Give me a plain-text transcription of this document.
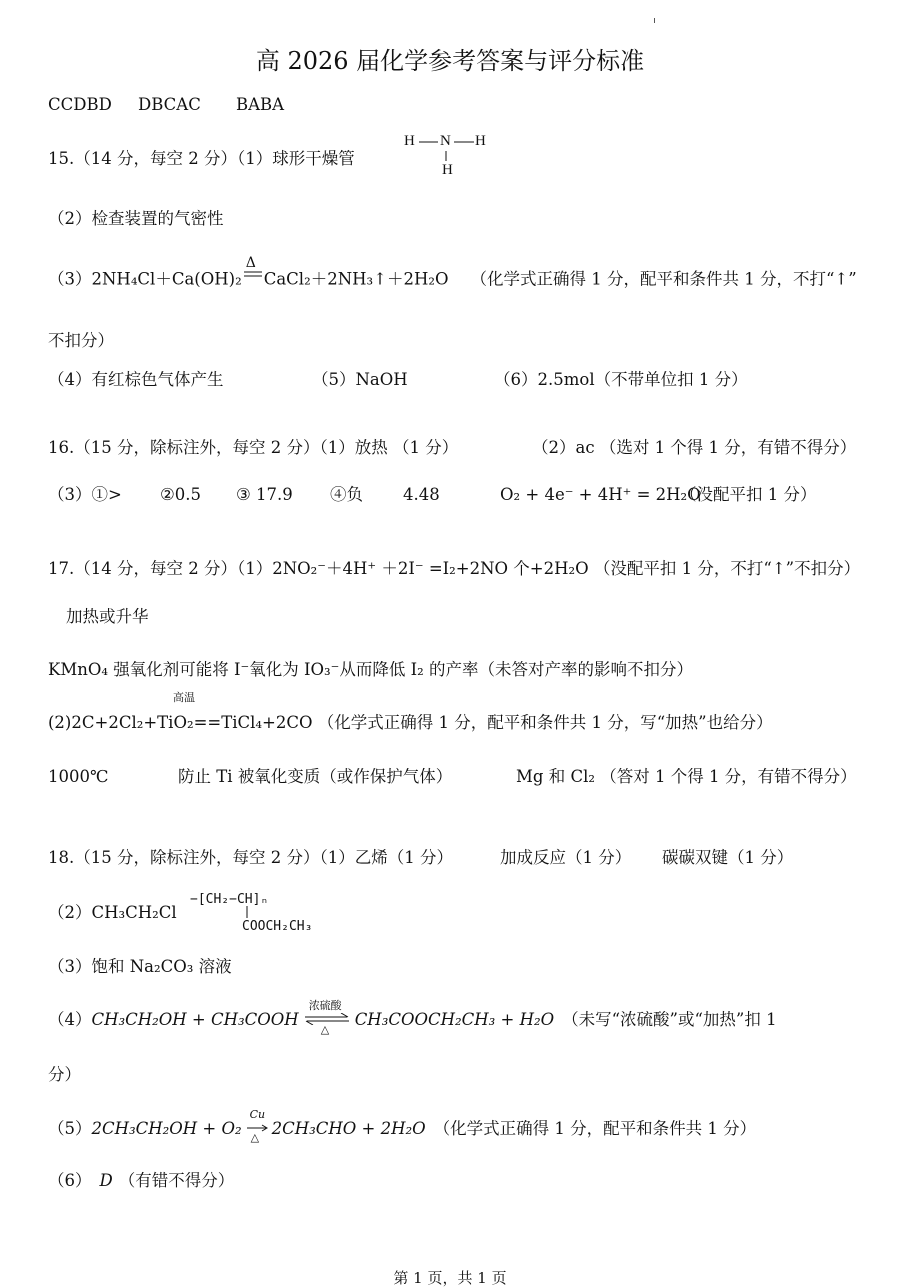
高 2026 届化学参考答案与评分标准
CCDBD DBCAC BABA
15.（14 分，每空 2 分）（1）球形干燥管
H N H
H
（2）检查装置的气密性
（3）2NH₄Cl＋Ca(OH)₂
Δ
CaCl₂＋2NH₃↑＋2H₂O （化学式正确得 1 分，配平和条件共 1 分，不打“↑”
不扣分）
（4）有红棕色气体产生	（5）NaOH	（6）2.5mol（不带单位扣 1 分）
16.（15 分，除标注外，每空 2 分）（1）放热 （1 分）	（2）ac （选对 1 个得 1 分，有错不得分）
（3）①> ②0.5 ③ 17.9 ④负 4.48	O₂ + 4e⁻ + 4H⁺ = 2H₂O
（没配平扣 1 分）
17.（14 分，每空 2 分）（1）2NO₂⁻＋4H⁺ ＋2I⁻ =I₂+2NO 个+2H₂O （没配平扣 1 分，不打“↑”不扣分）
加热或升华
KMnO₄ 强氧化剂可能将 I⁻氧化为 IO₃⁻从而降低 I₂ 的产率（未答对产率的影响不扣分）
高温
(2)2C+2Cl₂+TiO₂==TiCl₄+2CO （化学式正确得 1 分，配平和条件共 1 分，写“加热”也给分）
1000℃	防止 Ti 被氧化变质（或作保护气体）	Mg 和 Cl₂ （答对 1 个得 1 分，有错不得分）
18.（15 分，除标注外，每空 2 分）（1）乙烯（1 分）	加成反应（1 分） 碳碳双键（1 分）
（2）CH₃CH₂Cl
−[CH₂−CH]ₙ
COOCH₂CH₃
（3）饱和 Na₂CO₃ 溶液
（4）CH₃CH₂OH + CH₃COOH
浓硫酸
△ CH₃COOCH₂CH₃ + H₂O （未写“浓硫酸”或“加热”扣 1
分）
（5）2CH₃CH₂OH + O₂
Cu
△ 2CH₃CHO + 2H₂O （化学式正确得 1 分，配平和条件共 1 分）
（6） D （有错不得分）
第 1 页，共 1 页
